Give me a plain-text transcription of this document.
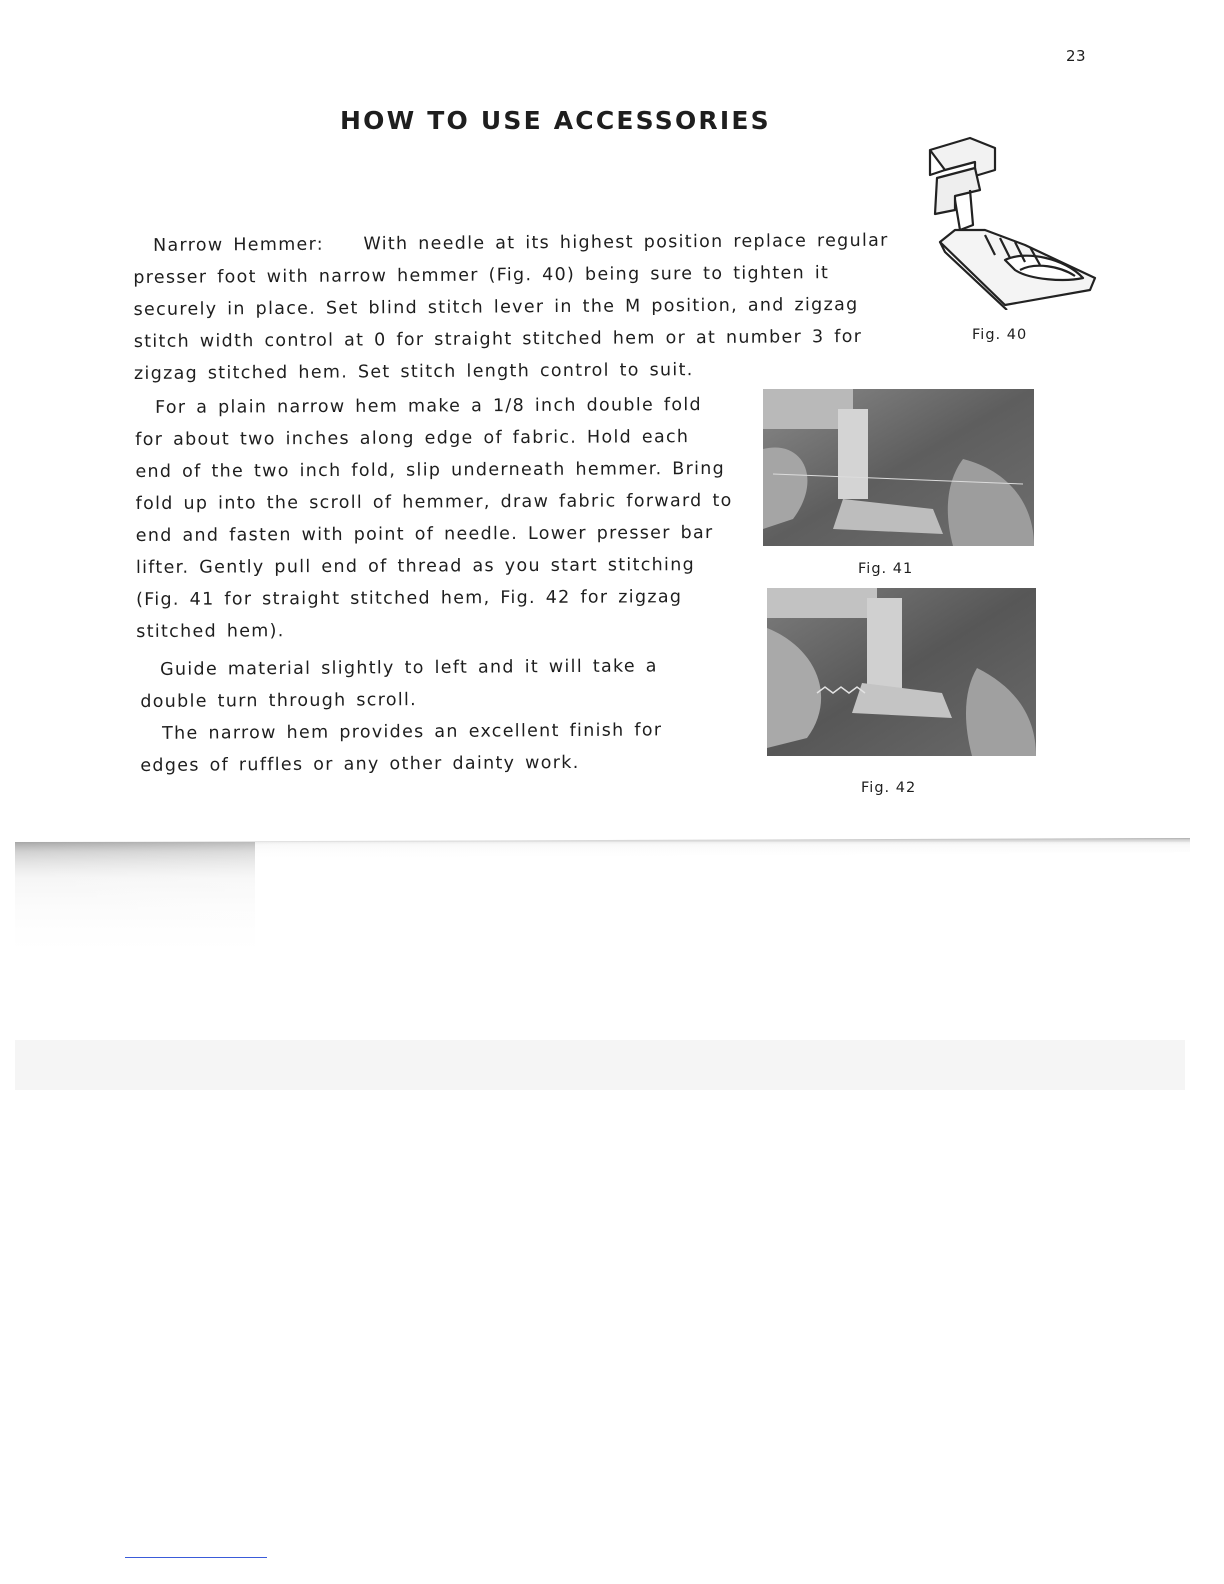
23
HOW TO USE ACCESSORIES

Narrow Hemmer: With needle at its highest position replace regular presser foot with narrow hemmer (Fig. 40) being sure to tighten it securely in place. Set blind stitch lever in the M position, and zigzag stitch width control at 0 for straight stitched hem or at number 3 for zigzag stitched hem. Set stitch length control to suit.

For a plain narrow hem make a 1/8 inch double fold for about two inches along edge of fabric. Hold each end of the two inch fold, slip underneath hemmer. Bring fold up into the scroll of hemmer, draw fabric forward to end and fasten with point of needle. Lower presser bar lifter. Gently pull end of thread as you start stitching (Fig. 41 for straight stitched hem, Fig. 42 for zigzag stitched hem).

Guide material slightly to left and it will take a double turn through scroll.

The narrow hem provides an excellent finish for edges of ruffles or any other dainty work.

Fig. 40
Fig. 41
Fig. 42
